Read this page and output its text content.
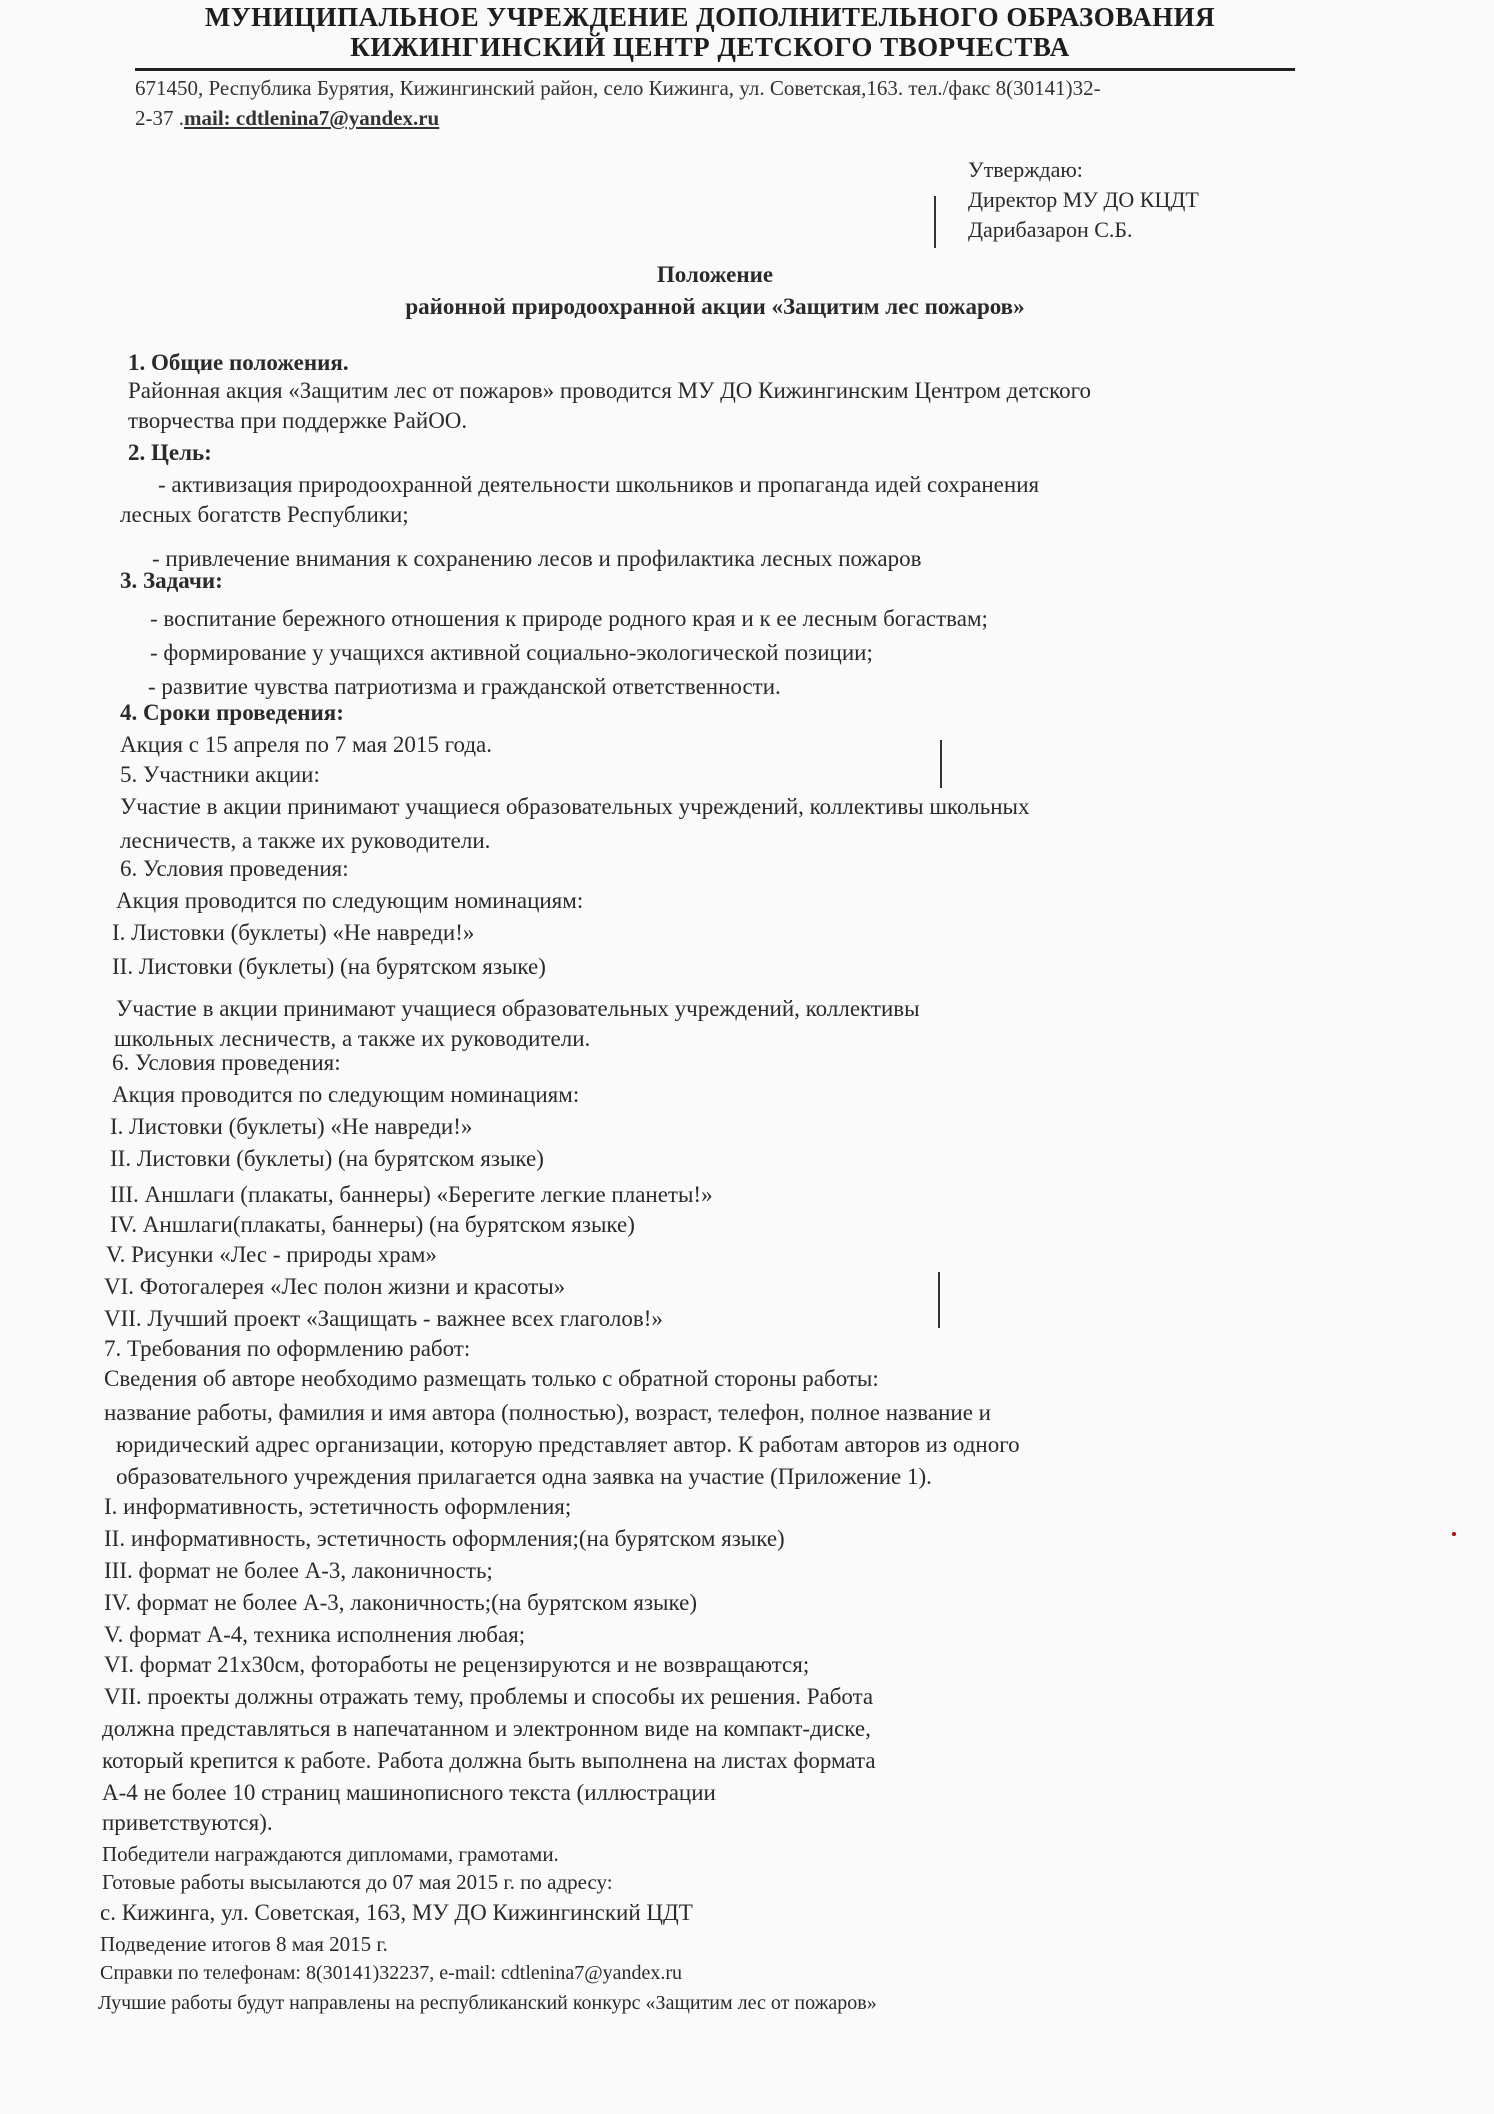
МУНИЦИПАЛЬНОЕ УЧРЕЖДЕНИЕ ДОПОЛНИТЕЛЬНОГО ОБРАЗОВАНИЯ
КИЖИНГИНСКИЙ ЦЕНТР ДЕТСКОГО ТВОРЧЕСТВА
671450, Республика Бурятия, Кижингинский район, село Кижинга, ул. Советская,163. тел./факс 8(30141)32-
2-37 .mail: cdtlenina7@yandex.ru
Утверждаю:
Директор МУ ДО КЦДТ
Дарибазарон С.Б.
Положение
районной природоохранной акции «Защитим лес пожаров»
1. Общие положения.
Районная акция «Защитим лес от пожаров» проводится МУ ДО Кижингинским Центром детского
творчества при поддержке РайОО.
2. Цель:
- активизация природоохранной деятельности школьников и пропаганда идей сохранения
лесных богатств Республики;
- привлечение внимания к сохранению лесов и профилактика лесных пожаров
3. Задачи:
- воспитание бережного отношения к природе родного края и к ее лесным богаствам;
- формирование у учащихся активной социально-экологической позиции;
- развитие чувства патриотизма и гражданской ответственности.
4. Сроки проведения:
Акция с 15 апреля по 7 мая 2015 года.
5. Участники акции:
Участие в акции принимают учащиеся образовательных учреждений, коллективы школьных
лесничеств, а также их руководители.
6. Условия проведения:
Акция проводится по следующим номинациям:
I. Листовки (буклеты) «Не навреди!»
II. Листовки (буклеты) (на бурятском языке)
Участие в акции принимают учащиеся образовательных учреждений, коллективы
школьных лесничеств, а также их руководители.
6. Условия проведения:
Акция проводится по следующим номинациям:
I. Листовки (буклеты) «Не навреди!»
II. Листовки (буклеты) (на бурятском языке)
III. Аншлаги (плакаты, баннеры) «Берегите легкие планеты!»
IV. Аншлаги(плакаты, баннеры) (на бурятском языке)
V. Рисунки «Лес - природы храм»
VI. Фотогалерея «Лес полон жизни и красоты»
VII. Лучший проект «Защищать - важнее всех глаголов!»
7. Требования по оформлению работ:
Сведения об авторе необходимо размещать только с обратной стороны работы:
название работы, фамилия и имя автора (полностью), возраст, телефон, полное название и
юридический адрес организации, которую представляет автор. К работам авторов из одного
образовательного учреждения прилагается одна заявка на участие (Приложение 1).
I. информативность, эстетичность оформления;
II. информативность, эстетичность оформления;(на бурятском языке)
III. формат не более А-3, лаконичность;
IV. формат не более А-3, лаконичность;(на бурятском языке)
V. формат А-4, техника исполнения любая;
VI. формат 21х30см, фоторaботы не рецензируются и не возвращаются;
VII. проекты должны отражать тему, проблемы и способы их решения. Работа
должна представляться в напечатанном и электронном виде на компакт-диске,
который крепится к работе. Работа должна быть выполнена на листах формата
А-4 не более 10 страниц машинописного текста (иллюстрации
приветствуются).
Победители награждаются дипломами, грамотами.
Готовые работы высылаются до 07 мая 2015 г. по адресу:
с. Кижинга, ул. Советская, 163, МУ ДО Кижингинский ЦДТ
Подведение итогов 8 мая 2015 г.
Справки по телефонам: 8(30141)32237, e-mail: cdtlenina7@yandex.ru
Лучшие работы будут направлены на республиканский конкурс «Защитим лес от пожаров»
